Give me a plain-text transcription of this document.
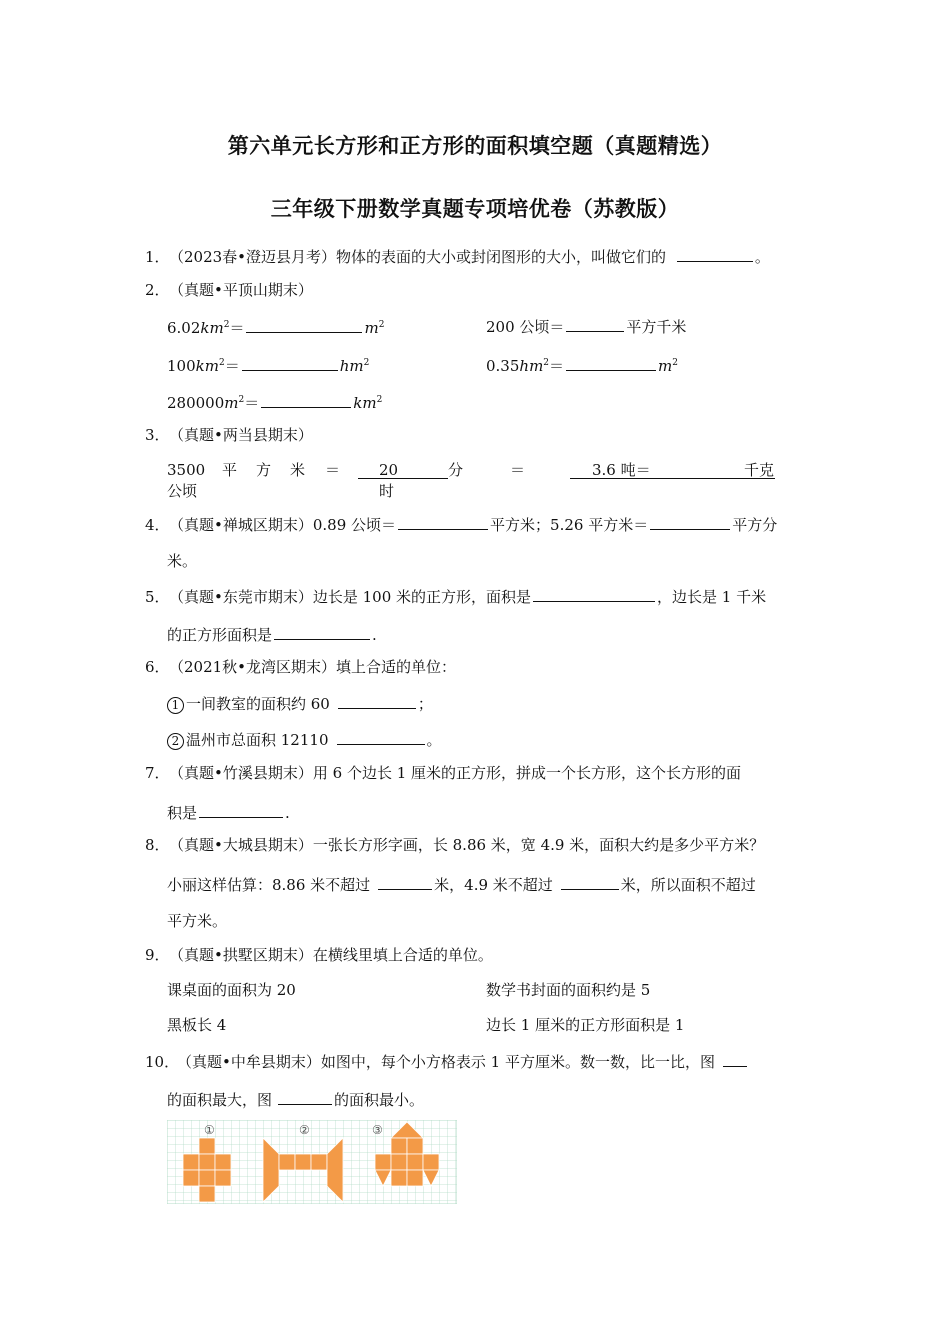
第六单元长方形和正方形的面积填空题（真题精选）
三年级下册数学真题专项培优卷（苏教版）
1．（2023春•澄迈县月考）物体的表面的大小或封闭图形的大小，叫做它们的	。
2．（真题•平顶山期末）
$6.02km^2=$	$m^2$	200 公顷＝	平方千米
$100km^2=$	$hm^2$	$0.35hm^2=$	$m^2$
$280000m^2=$	$km^2$
3．（真题•两当县期末）
3500 平 方 米 ＝	20	分	＝	3.6 吨＝	千克
公顷	时
4．（真题•禅城区期末）0.89 公顷＝	平方米；5.26 平方米＝	平方分
米。
5．（真题•东莞市期末）边长是 100 米的正方形，面积是	，边长是 1 千米
的正方形面积是	.
6．（2021秋•龙湾区期末）填上合适的单位：
1 一间教室的面积约 60	；
2 温州市总面积 12110	。
7．（真题•竹溪县期末）用 6 个边长 1 厘米的正方形，拼成一个长方形，这个长方形的面
积是	.
8．（真题•大城县期末）一张长方形字画，长 8.86 米，宽 4.9 米，面积大约是多少平方米？
小丽这样估算：8.86 米不超过	米，4.9 米不超过	米，所以面积不超过
平方米。
9．（真题•拱墅区期末）在横线里填上合适的单位。
课桌面的面积为 20	数学书封面的面积约是 5
黑板长 4	边长 1 厘米的正方形面积是 1
10．（真题•中牟县期末）如图中，每个小方格表示 1 平方厘米。数一数，比一比，图
的面积最大，图	的面积最小。
①	②	③
